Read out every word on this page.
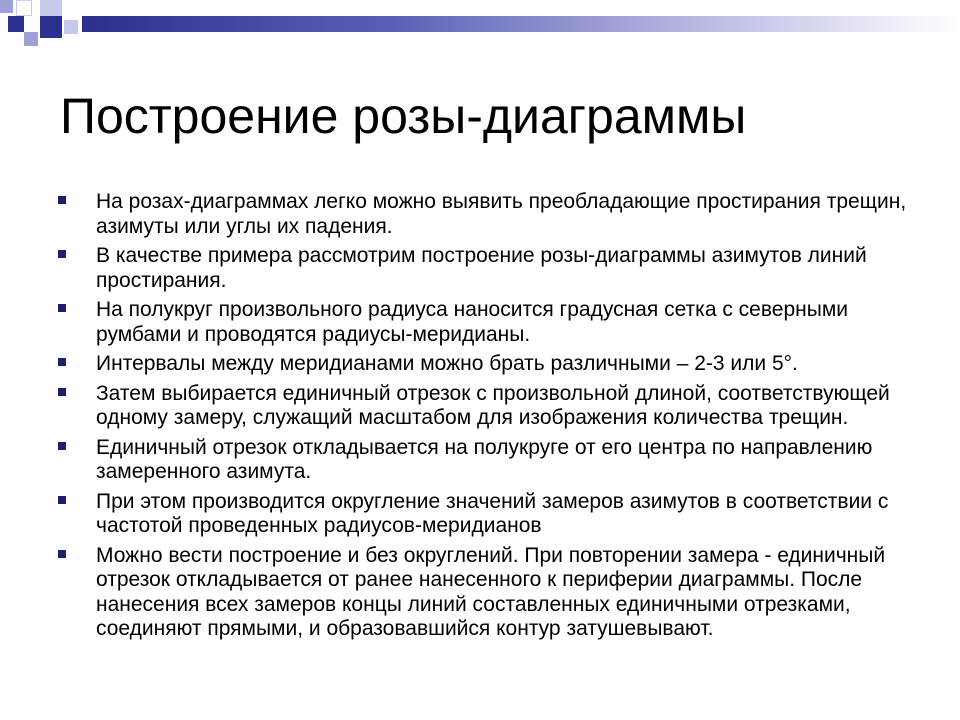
Построение розы-диаграммы
На розах-диаграммах легко можно выявить преобладающие простирания трещин, азимуты или углы их падения.
В качестве примера рассмотрим построение розы-диаграммы азимутов линий простирания.
На полукруг произвольного радиуса наносится градусная сетка с северными румбами и проводятся радиусы-меридианы.
Интервалы между меридианами можно брать различными – 2-3 или 5°.
Затем выбирается единичный отрезок с произвольной длиной, соответствующей одному замеру, служащий масштабом для изображения количества трещин.
Единичный отрезок откладывается на полукруге от его центра по направлению замеренного азимута.
При этом производится округление значений замеров азимутов в соответствии с частотой проведенных радиусов-меридианов
Можно вести построение и без округлений. При повторении замера - единичный отрезок откладывается от ранее нанесенного к периферии диаграммы. После нанесения всех замеров концы линий составленных единичными отрезками, соединяют прямыми, и образовавшийся контур затушевывают.
